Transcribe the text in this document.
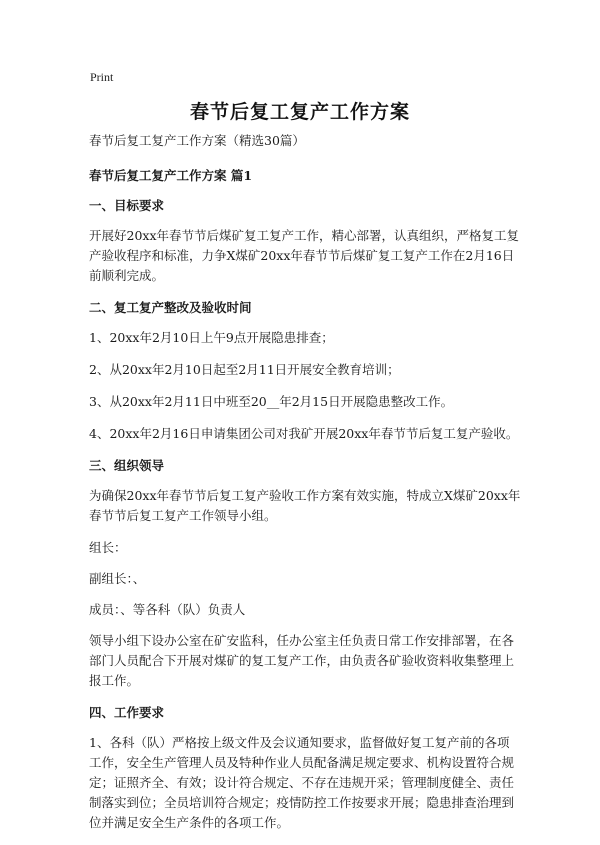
Print
春节后复工复产工作方案

春节后复工复产工作方案（精选30篇）

春节后复工复产工作方案 篇1

一、目标要求

开展好20xx年春节节后煤矿复工复产工作，精心部署，认真组织，严格复工复产验收程序和标准，力争X煤矿20xx年春节节后煤矿复工复产工作在2月16日前顺利完成。

二、复工复产整改及验收时间

1、20xx年2月10日上午9点开展隐患排查；

2、从20xx年2月10日起至2月11日开展安全教育培训；

3、从20xx年2月11日中班至20__年2月15日开展隐患整改工作。

4、20xx年2月16日申请集团公司对我矿开展20xx年春节节后复工复产验收。

三、组织领导

为确保20xx年春节节后复工复产验收工作方案有效实施，特成立X煤矿20xx年春节节后复工复产工作领导小组。

组长：

副组长：、

成员：、等各科（队）负责人

领导小组下设办公室在矿安监科，任办公室主任负责日常工作安排部署，在各部门人员配合下开展对煤矿的复工复产工作，由负责各矿验收资料收集整理上报工作。

四、工作要求

1、各科（队）严格按上级文件及会议通知要求，监督做好复工复产前的各项工作，安全生产管理人员及特种作业人员配备满足规定要求、机构设置符合规定；证照齐全、有效；设计符合规定、不存在违规开采；管理制度健全、责任制落实到位；全员培训符合规定；疫情防控工作按要求开展；隐患排查治理到位并满足安全生产条件的各项工作。
